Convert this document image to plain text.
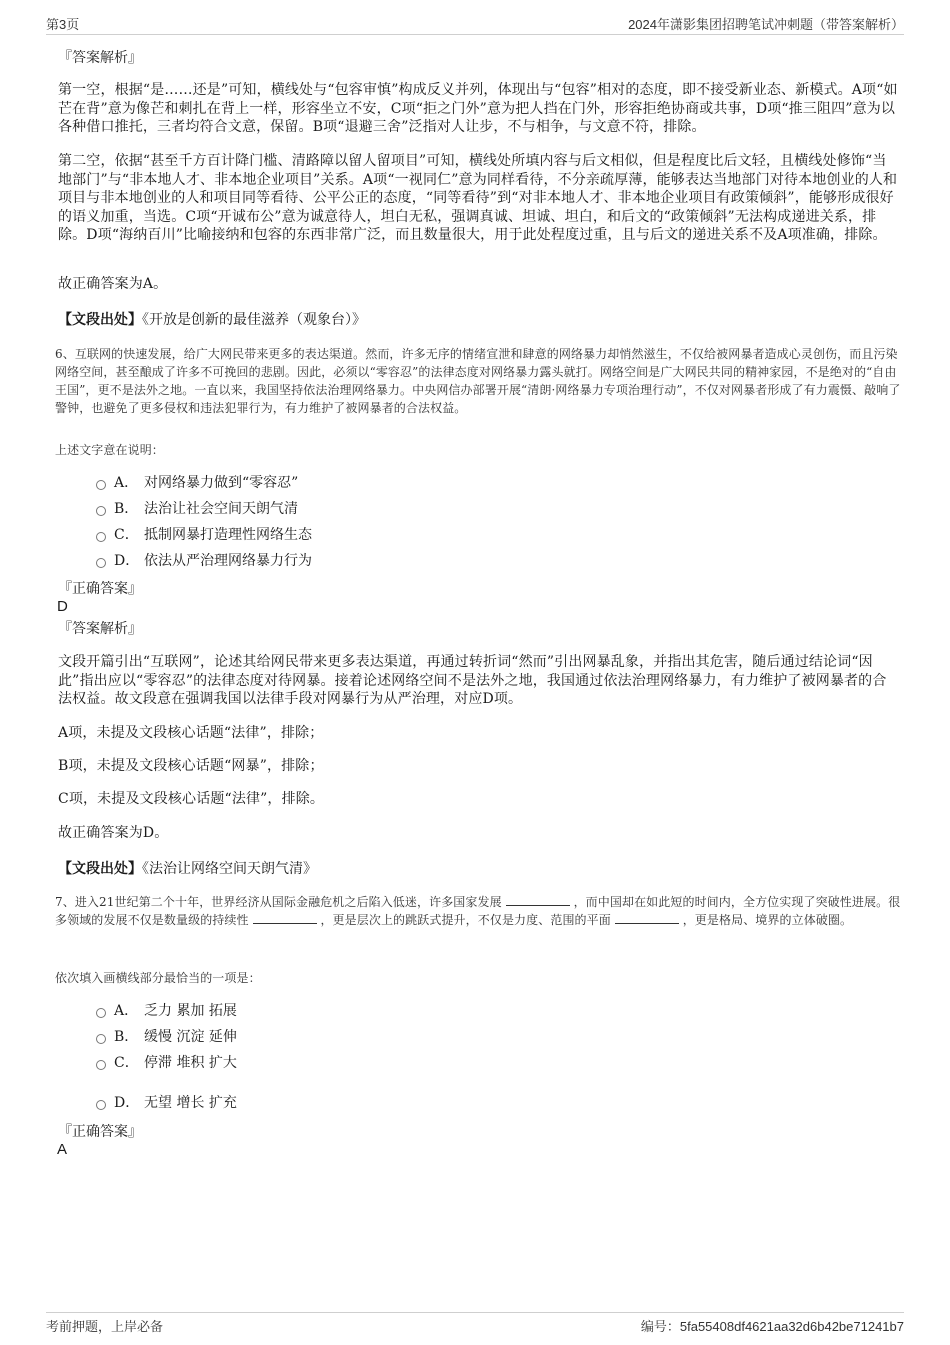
第3页	2024年潇影集团招聘笔试冲刺题（带答案解析）
『答案解析』
第一空，根据“是……还是”可知，横线处与“包容审慎”构成反义并列，体现出与“包容”相对的态度，即不接受新业态、新模式。A项“如芒在背”意为像芒和刺扎在背上一样，形容坐立不安，C项“拒之门外”意为把人挡在门外，形容拒绝协商或共事，D项“推三阻四”意为以各种借口推托，三者均符合文意，保留。B项“退避三舍”泛指对人让步，不与相争，与文意不符，排除。
第二空，依据“甚至千方百计降门槛、清路障以留人留项目”可知，横线处所填内容与后文相似，但是程度比后文轻，且横线处修饰“当地部门”与“非本地人才、非本地企业项目”关系。A项“一视同仁”意为同样看待，不分亲疏厚薄，能够表达当地部门对待本地创业的人和项目与非本地创业的人和项目同等看待、公平公正的态度，“同等看待”到“对非本地人才、非本地企业项目有政策倾斜”，能够形成很好的语义加重，当选。C项“开诚布公”意为诚意待人，坦白无私，强调真诚、坦诚、坦白，和后文的“政策倾斜”无法构成递进关系，排除。D项“海纳百川”比喻接纳和包容的东西非常广泛，而且数量很大，用于此处程度过重，且与后文的递进关系不及A项准确，排除。
故正确答案为A。
【文段出处】《开放是创新的最佳滋养（观象台）》
6、互联网的快速发展，给广大网民带来更多的表达渠道。然而，许多无序的情绪宣泄和肆意的网络暴力却悄然滋生，不仅给被网暴者造成心灵创伤，而且污染网络空间，甚至酿成了许多不可挽回的悲剧。因此，必须以“零容忍”的法律态度对网络暴力露头就打。网络空间是广大网民共同的精神家园，不是绝对的“自由王国”，更不是法外之地。一直以来，我国坚持依法治理网络暴力。中央网信办部署开展“清朗·网络暴力专项治理行动”，不仅对网暴者形成了有力震慑、敲响了警钟，也避免了更多侵权和违法犯罪行为，有力维护了被网暴者的合法权益。
上述文字意在说明：
A． 对网络暴力做到“零容忍”
B． 法治让社会空间天朗气清
C． 抵制网暴打造理性网络生态
D． 依法从严治理网络暴力行为
『正确答案』
D
『答案解析』
文段开篇引出“互联网”，论述其给网民带来更多表达渠道，再通过转折词“然而”引出网暴乱象，并指出其危害，随后通过结论词“因此”指出应以“零容忍”的法律态度对待网暴。接着论述网络空间不是法外之地，我国通过依法治理网络暴力，有力维护了被网暴者的合法权益。故文段意在强调我国以法律手段对网暴行为从严治理，对应D项。
A项，未提及文段核心话题“法律”，排除；
B项，未提及文段核心话题“网暴”，排除；
C项，未提及文段核心话题“法律”，排除。
故正确答案为D。
【文段出处】《法治让网络空间天朗气清》
7、进入21世纪第二个十年，世界经济从国际金融危机之后陷入低迷，许多国家发展	，而中国却在如此短的时间内，全方位实现了突破性进展。很多领域的发展不仅是数量级的持续性	，更是层次上的跳跃式提升，不仅是力度、范围的平面	，更是格局、境界的立体破圈。
依次填入画横线部分最恰当的一项是：
A． 乏力 累加 拓展
B． 缓慢 沉淀 延伸
C． 停滞 堆积 扩大
D． 无望 增长 扩充
『正确答案』
A
考前押题，上岸必备	编号：5fa55408df4621aa32d6b42be71241b7
